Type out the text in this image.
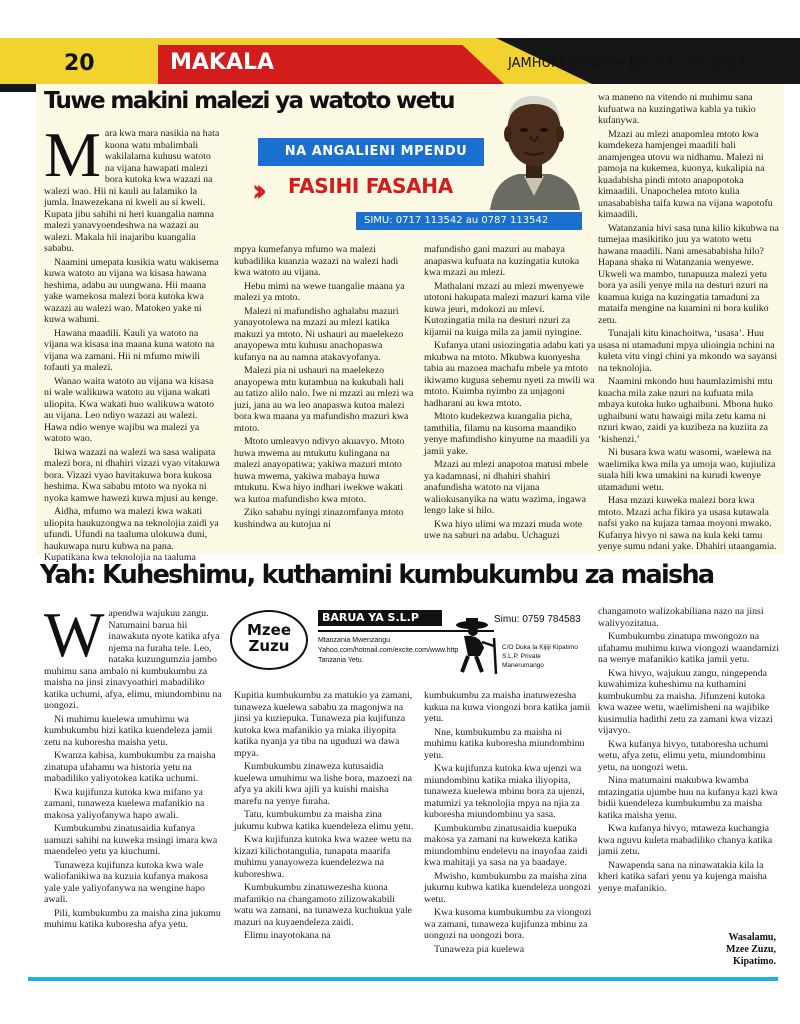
20	MAKALA	JAMHURI Jumanne Juni 13 - 19, 2023
Tuwe makini malezi ya watoto wetu
NA ANGALIENI MPENDU
›› FASIHI FASAHA
SIMU: 0717 113542 au 0787 113542
M ara kwa mara nasikia na hata kuona watu mbalimbali wakilalama kuhusu watoto na vijana hawapati malezi bora kutoka kwa wazazi na walezi wao. Hii ni kauli au lalamiko la jumla. Inawezekana ni kweli au si kweli. Kupata jibu sahihi ni heri kuangalia namna malezi yanavyoendeshwa na wazazi au walezi. Makala hii inajaribu kuangalia sababu.

Naamini umepata kusikia watu wakisema kuwa watoto au vijana wa kisasa hawana heshima, adabu au uungwana. Hii maana yake wamekosa malezi bora kutoka kwa wazazi au walezi wao. Matokeo yake ni kuwa wahuni.

Hawana maadili. Kauli ya watoto na vijana wa kisasa ina maana kuna watoto na vijana wa zamani. Hii ni mfumo miwili tofauti ya malezi.

Wanao waita watoto au vijana wa kisasa ni wale walikuwa watoto au vijana wakati uliopita. Kwa wakati huo walikuwa watoto au vijana. Leo ndiyo wazazi au walezi. Hawa ndio wenye wajibu wa malezi ya watoto wao.

Ikiwa wazazi na walezi wa sasa walipata malezi bora, ni dhahiri vizazi vyao vitakuwa bora. Vizazi vyao havitakuwa bora kukosa heshima. Kwa sababu mtoto wa nyoka ni nyoka kamwe hawezi kuwa mjusi au kenge.

Aidha, mfumo wa malezi kwa wakati uliopita haukuzongwa na teknolojia zaidi ya ufundi. Ufundi na taaluma ulokuwa duni, haukuwapa nuru kubwa na pana. Kupatikana kwa teknolojia na taaluma

mpya kumefanya mfumo wa malezi kubadilika kuanzia wazazi na walezi hadi kwa watoto au vijana.

Hebu mimi na wewe tuangalie maana ya malezi ya mtoto.

Malezi ni mafundisho aghalabu mazuri yanayotolewa na mzazi au mlezi katika makuzi ya mtoto. Ni ushauri au maelekezo anayopewa mtu kuhusu anachopaswa kufanya na au namna atakavyofanya.

Malezi pia ni ushauri na maelekezo anayopewa mtu kutambua na kukubali hali au tatizo alilo nalo. Iwe ni mzazi au mlezi wa juzi, jana au wa leo anapaswa kutoa malezi bora kwa maana ya mafundisho mazuri kwa mtoto.

Mtoto umleavyo ndivyo akuavyo. Mtoto huwa mwema au mtukutu kulingana na malezi anayopatiwa; yakiwa mazuri mtoto huwa mwema, yakiwa mabaya huwa mtukutu. Kwa hiyo indhari iwekwe wakati wa kutoa mafundisho kwa mtoto.

Ziko sababu nyingi zinazomfanya mtoto kushindwa au kutojua ni

mafundisho gani mazuri au mabaya anapaswa kufuata na kuzingatia kutoka kwa mzazi au mlezi.

Mathalani mzazi au mlezi mwenyewe utotoni hakupata malezi mazuri kama vile kuwa jeuri, mdokozi au mlevi. Kutozingatia mila na desturi nzuri za kijamii na kuiga mila za jamii nyingine.

Kufanya utani usiozingatia adabu kati ya mkubwa na mtoto. Mkubwa kuonyesha tabia au mazoea machafu mbele ya mtoto ikiwamo kugusa sehemu nyeti za mwili wa mtoto. Kuimba nyimbo za unjagoni hadharani au kwa mtoto.

Mtoto kudekezwa kuangalia picha, tamthilia, filamu na kusoma maandiko yenye mafundisho kinyume na maadili ya jamii yake.

Mzazi au mlezi anapotoa matusi mbele ya kadamnasi, ni dhahiri shahiri anafundisha watoto na vijana waliokusanyika na watu wazima, ingawa lengo lake si hilo.

Kwa hiyo ulimi wa mzazi muda wote uwe na saburi na adabu. Uchaguzi

wa maneno na vitendo ni muhimu sana kufuatwa na kuzingatiwa kabla ya tukio kufanywa.

Mzazi au mlezi anapomlea mtoto kwa kumdekeza hamjengei maadili bali anamjengea utovu wa nidhamu. Malezi ni pamoja na kukemea, kuonya, kukalipia na kuadabisha pindi mtoto anapopotoka kimaadili. Unapochelea mtoto kulia unasababisha taifa kuwa na vijana wapotofu kimaadili.

Watanzania hivi sasa tuna kilio kikubwa na tumejaa masikitiko juu ya watoto wetu hawana maadili. Nani amesababisha hilo? Hapana shaka ni Watanzania wenyewe. Ukweli wa mambo, tunapuuza malezi yetu bora ya asili yenye mila na desturi nzuri na kuamua kuiga na kuzingatia tamaduni za mataifa mengine na kuamini ni bora kuliko zetu.

Tunajali kitu kinachoitwa, ‘usasa’. Huu usasa ni utamaduni mpya ulioingia nchini na kuleta vitu vingi chini ya mkondo wa sayansi na teknolojia.

Naamini mkondo huu haumlazimishi mtu kuacha mila zake nzuri na kufuata mila mbaya kutoka huko ughaibuni. Mbona huko ughaibuni watu hawaigi mila zetu kama ni nzuri kwao, zaidi ya kuzibeza na kuziita za ‘kishenzi.’

Ni busara kwa watu wasomi, waelewa na waelimika kwa mila ya umoja wao, kujiuliza suala hili kwa umakini na kurudi kwenye utamaduni wetu.

Hasa mzazi kuweka malezi bora kwa mtoto. Mzazi acha fikira ya usasa kutawala nafsi yako na kujaza tamaa moyoni mwako. Kufanya hivyo ni sawa na kula keki tamu yenye sumu ndani yake. Dhahiri utaangamia.

Yah: Kuheshimu, kuthamini kumbukumbu za maisha
Mzee Zuzu
BARUA YA S.L.P
Mtanzania Mwenzangu
Yahoo.com/hotmail.com/excite.com/www.http
Tanzania Yetu.
Simu: 0759 784583
C/O Duka la Kijiji Kipatimo
S.L.P. Private
Manerumango
W apendwa wajukuu zangu. Natumaini barua hii inawakuta nyote katika afya njema na furaha tele. Leo, nataka kuzungumzia jambo muhimu sana ambalo ni kumbukumbu za maisha na jinsi zinavyoathiri mabadiliko katika uchumi, afya, elimu, miundombinu na uongozi.

Ni muhimu kuelewa umuhimu wa kumbukumbu hizi katika kuendeleza jamii zetu na kuboresha maisha yetu.

Kwanza kabisa, kumbukumbu za maisha zinatupa ufahamu wa historia yetu na mabadiliko yaliyotokea katika uchumi.

Kwa kujifunza kutoka kwa mifano ya zamani, tunaweza kuelewa mafanikio na makosa yaliyofanywa hapo awali.

Kumbukumbu zinatusaidia kufanya uamuzi sahihi na kuweka msingi imara kwa maendeleo yetu ya kiuchumi.

Tunaweza kujifunza kutoka kwa wale waliofanikiwa na kuzuia kufanya makosa yale yale yaliyofanywa na wengine hapo awali.

Pili, kumbukumbu za maisha zina jukumu muhimu katika kuboresha afya yetu.

Kupitia kumbukumbu za matukio ya zamani, tunaweza kuelewa sababu za magonjwa na jinsi ya kuziepuka. Tunaweza pia kujifunza kutoka kwa mafanikio ya miaka iliyopita katika nyanja ya tiba na uguduzi wa dawa mpya.

Kumbukumbu zinaweza kutusaidia kuelewa umuhimu wa lishe bora, mazoezi na afya ya akili kwa ajili ya kuishi maisha marefu na yenye furaha.

Tatu, kumbukumbu za maisha zina jukumu kubwa katika kuendeleza elimu yetu.

Kwa kujifunza kutoka kwa wazee wetu na kizazi kilichotangulia, tunapata maarifa muhimu yanayoweza kuendelezwa na kuboreshwa.

Kumbukumbu zinatuwezesha kuona mafanikio na changamoto zilizowakabili watu wa zamani, na tunaweza kuchukua yale mazuri na kuyaendeleza zaidi.

Elimu inayotokana na

kumbukumbu za maisha inatuwezesha kukua na kuwa viongozi bora katika jamii yetu.

Nne, kumbukumbu za maisha ni muhimu katika kuboresha miundombinu yetu.

Kwa kujifunza kutoka kwa ujenzi wa miundombinu katika miaka iliyopita, tunaweza kuelewa mbinu bora za ujenzi, matumizi ya teknolojia mpya na njia za kuboresha miundombinu ya sasa.

Kumbukumbu zinatusaidia kuepuka makosa ya zamani na kuwekeza katika miundombinu endelevu na inayofaa zaidi kwa mahitaji ya sasa na ya baadaye.

Mwisho, kumbukumbu za maisha zina jukumu kubwa katika kuendeleza uongozi wetu.

Kwa kusoma kumbukumbu za viongozi wa zamani, tunaweza kujifunza mbinu za uongozi na uongozi bora.

Tunaweza pia kuelewa

changamoto walizokabiliana nazo na jinsi walivyozitatua.

Kumbukumbu zinatupa mwongozo na ufahamu muhimu kuwa viongozi waandamizi na wenye mafanikio katika jamii yetu.

Kwa hivyo, wajukuu zangu, ningependa kuwahimiza kuheshimu na kuthamini kumbukumbu za maisha. Jifunzeni kutoka kwa wazee wetu, waelimisheni na wajibike kusimulia hadithi zetu za zamani kwa vizazi vijavyo.

Kwa kufanya hivyo, tutaboresha uchumi wetu, afya zetu, elimu yetu, miundombinu yetu, na uongozi wetu.

Nina matumaini makubwa kwamba mtazingatia ujumbe huu na kufanya kazi kwa bidii kuendeleza kumbukumbu za maisha katika maisha yenu.

Kwa kufanya hivyo, mtaweza kuchangia kwa nguvu kuleta mabadiliko chanya katika jamii zetu.

Nawapenda sana na ninawatakia kila la kheri katika safari yenu ya kujenga maisha yenye mafanikio.

Wasalamu,
Mzee Zuzu,
Kipatimo.
